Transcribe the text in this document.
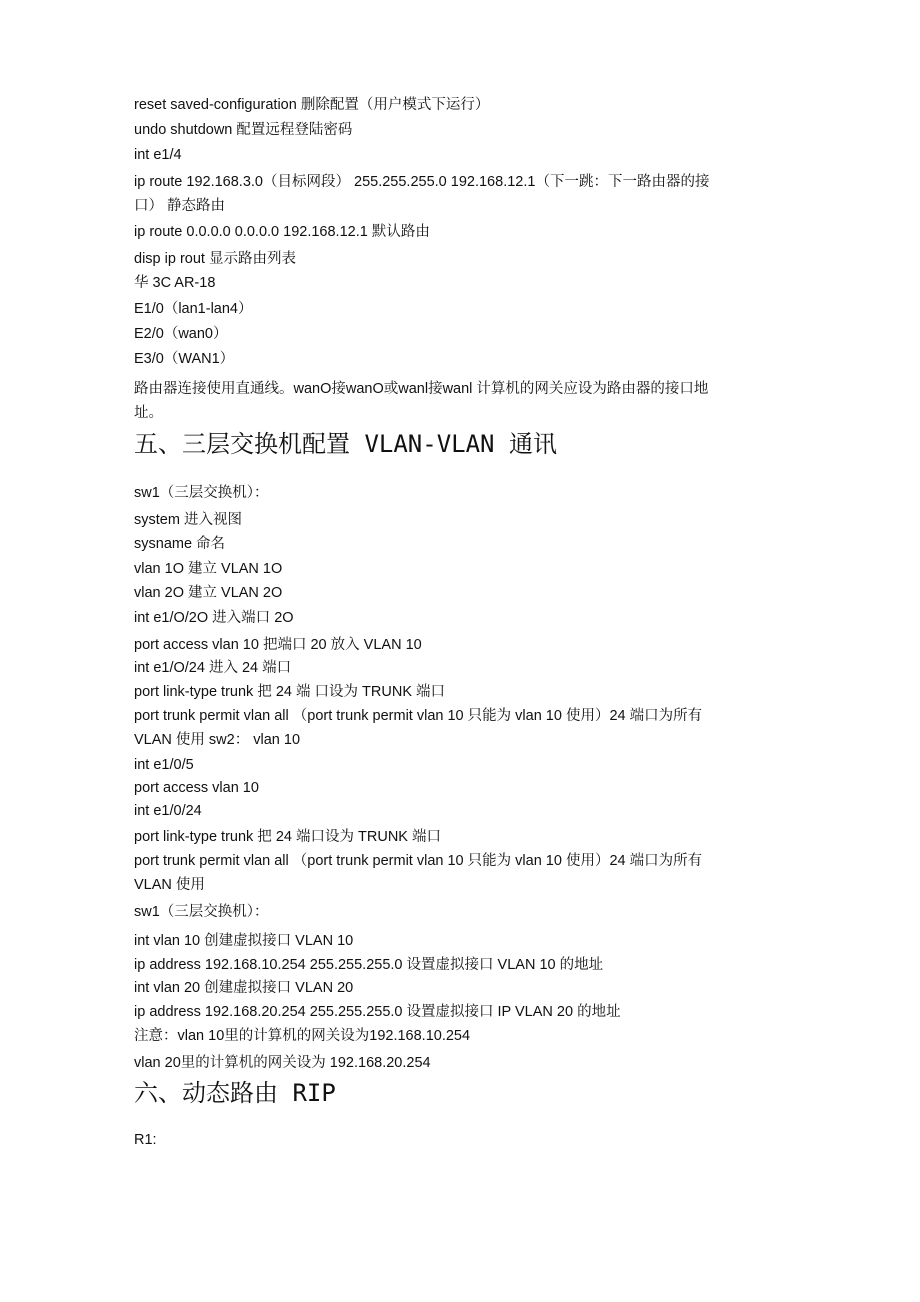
reset saved-configuration 删除配置（用户模式下运行）
undo shutdown 配置远程登陆密码
int e1/4
ip route 192.168.3.0（目标网段） 255.255.255.0 192.168.12.1（下一跳：下一路由器的接
口） 静态路由
ip route 0.0.0.0 0.0.0.0 192.168.12.1 默认路由
disp ip rout 显示路由列表
华 3C AR-18
E1/0（lan1-lan4）
E2/0（wan0）
E3/0（WAN1）
路由器连接使用直通线。wanO接wanO或wanl接wanl 计算机的网关应设为路由器的接口地
址。
五、三层交换机配置 VLAN-VLAN 通讯
sw1（三层交换机）：
system 进入视图
sysname 命名
vlan 1O 建立 VLAN 1O
vlan 2O 建立 VLAN 2O
int e1/O/2O 进入端口 2O
port access vlan 10 把端口 20 放入 VLAN 10
int e1/O/24 进入 24 端口
port link-type trunk 把 24 端 口设为 TRUNK 端口
port trunk permit vlan all （port trunk permit vlan 10 只能为 vlan 10 使用）24 端口为所有
VLAN 使用 sw2： vlan 10
int e1/0/5
port access vlan 10
int e1/0/24
port link-type trunk 把 24 端口设为 TRUNK 端口
port trunk permit vlan all （port trunk permit vlan 10 只能为 vlan 10 使用）24 端口为所有
VLAN 使用
sw1（三层交换机）：
int vlan 10 创建虚拟接口 VLAN 10
ip address 192.168.10.254 255.255.255.0 设置虚拟接口 VLAN 10 的地址
int vlan 20 创建虚拟接口 VLAN 20
ip address 192.168.20.254 255.255.255.0 设置虚拟接口 IP VLAN 20 的地址
注意：vlan 10里的计算机的网关设为192.168.10.254
vlan 20里的计算机的网关设为 192.168.20.254
六、动态路由 RIP
R1:
